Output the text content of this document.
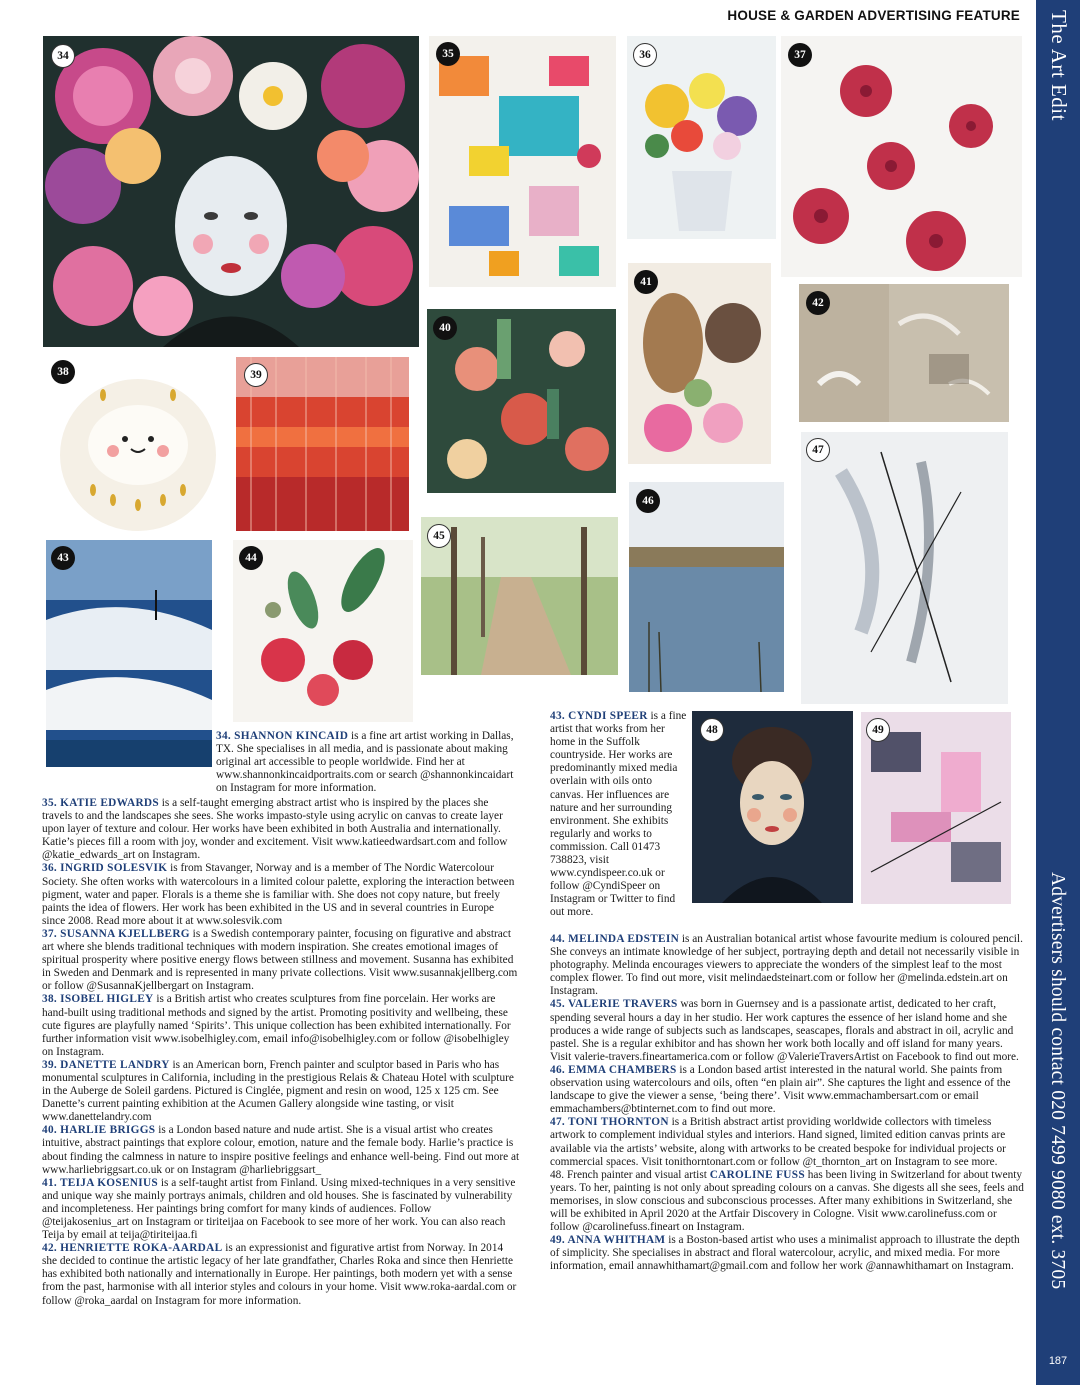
HOUSE & GARDEN ADVERTISING FEATURE The Art Edit
Advertisers should contact 020 7499 9080 ext. 3705
187
34	35	36	37
38	39
40
41
42
43	44
45
46
47
48	49

34. SHANNON KINCAID is a fine art artist working in Dallas, TX. She specialises in all media, and is passionate about making original art accessible to people worldwide. Find her at www.shannonkincaidportraits.com or search @shannonkincaidart on Instagram for more information.

35. KATIE EDWARDS is a self-taught emerging abstract artist who is inspired by the places she travels to and the landscapes she sees. She works impasto-style using acrylic on canvas to create layer upon layer of texture and colour. Her works have been exhibited in both Australia and internationally. Katie’s pieces fill a room with joy, wonder and excitement. Visit www.katieedwardsart.com and follow @katie_edwards_art on Instagram.

36. INGRID SOLESVIK is from Stavanger, Norway and is a member of The Nordic Watercolour Society. She often works with watercolours in a limited colour palette, exploring the interaction between pigment, water and paper. Florals is a theme she is familiar with. She does not copy nature, but freely paints the idea of flowers. Her work has been exhibited in the US and in several countries in Europe since 2008. Read more about it at www.solesvik.com

37. SUSANNA KJELLBERG is a Swedish contemporary painter, focusing on figurative and abstract art where she blends traditional techniques with modern inspiration. She creates emotional images of spiritual prosperity where positive energy flows between stillness and movement. Susanna has exhibited in Sweden and Denmark and is represented in many private collections. Visit www.susannakjellberg.com or follow @SusannaKjellbergart on Instagram.

38. ISOBEL HIGLEY is a British artist who creates sculptures from fine porcelain. Her works are hand-built using traditional methods and signed by the artist. Promoting positivity and wellbeing, these cute figures are playfully named ‘Spirits’. This unique collection has been exhibited internationally. For further information visit www.isobelhigley.com, email info@isobelhigley.com or follow @isobelhigley on Instagram.

39. DANETTE LANDRY is an American born, French painter and sculptor based in Paris who has monumental sculptures in California, including in the prestigious Relais & Chateau Hotel with sculpture in the Auberge de Soleil gardens. Pictured is Cinglée, pigment and resin on wood, 125 x 125 cm. See Danette’s current painting exhibition at the Acumen Gallery alongside wine tasting, or visit www.danettelandry.com

40. HARLIE BRIGGS is a London based nature and nude artist. She is a visual artist who creates intuitive, abstract paintings that explore colour, emotion, nature and the female body. Harlie’s practice is about finding the calmness in nature to inspire positive feelings and enhance well-being. Find out more at www.harliebriggsart.co.uk or on Instagram @harliebriggsart_

41. TEIJA KOSENIUS is a self-taught artist from Finland. Using mixed-techniques in a very sensitive and unique way she mainly portrays animals, children and old houses. She is fascinated by vulnerability and incompleteness. Her paintings bring comfort for many kinds of audiences. Follow @teijakosenius_art on Instagram or tiriteijaa on Facebook to see more of her work. You can also reach Teija by email at teija@tiriteijaa.fi

42. HENRIETTE ROKA-AARDAL is an expressionist and figurative artist from Norway. In 2014 she decided to continue the artistic legacy of her late grandfather, Charles Roka and since then Henriette has exhibited both nationally and internationally in Europe. Her paintings, both modern yet with a sense from the past, harmonise with all interior styles and colours in your home. Visit www.roka-aardal.com or follow @roka_aardal on Instagram for more information.

43. CYNDI SPEER is a fine artist that works from her home in the Suffolk countryside. Her works are predominantly mixed media overlain with oils onto canvas. Her influences are nature and her surrounding environment. She exhibits regularly and works to commission. Call 01473 738823, visit www.cyndispeer.co.uk or follow @CyndiSpeer on Instagram or Twitter to find out more.

44. MELINDA EDSTEIN is an Australian botanical artist whose favourite medium is coloured pencil. She conveys an intimate knowledge of her subject, portraying depth and detail not necessarily visible in photography. Melinda encourages viewers to appreciate the wonders of the simplest leaf to the most complex flower. To find out more, visit melindaedsteinart.com or follow her @melinda.edstein.art on Instagram.

45. VALERIE TRAVERS was born in Guernsey and is a passionate artist, dedicated to her craft, spending several hours a day in her studio. Her work captures the essence of her island home and she produces a wide range of subjects such as landscapes, seascapes, florals and abstract in oil, acrylic and pastel. She is a regular exhibitor and has shown her work both locally and off island for many years. Visit valerie-travers.fineartamerica.com or follow @ValerieTraversArtist on Facebook to find out more.

46. EMMA CHAMBERS is a London based artist interested in the natural world. She paints from observation using watercolours and oils, often “en plain air”. She captures the light and essence of the landscape to give the viewer a sense, ‘being there’. Visit www.emmachambersart.com or email emmachambers@btinternet.com to find out more.

47. TONI THORNTON is a British abstract artist providing worldwide collectors with timeless artwork to complement individual styles and interiors. Hand signed, limited edition canvas prints are available via the artists’ website, along with artworks to be created bespoke for individual projects or commercial spaces. Visit tonithorntonart.com or follow @t_thornton_art on Instagram to see more.

48. French painter and visual artist CAROLINE FUSS has been living in Switzerland for about twenty years. To her, painting is not only about spreading colours on a canvas. She digests all she sees, feels and memorises, in slow conscious and subconscious processes. After many exhibitions in Switzerland, she will be exhibited in April 2020 at the Artfair Discovery in Cologne. Visit www.carolinefuss.com or follow @carolinefuss.fineart on Instagram.

49. ANNA WHITHAM is a Boston-based artist who uses a minimalist approach to illustrate the depth of simplicity. She specialises in abstract and floral watercolour, acrylic, and mixed media. For more information, email annawhithamart@gmail.com and follow her work @annawhithamart on Instagram.
